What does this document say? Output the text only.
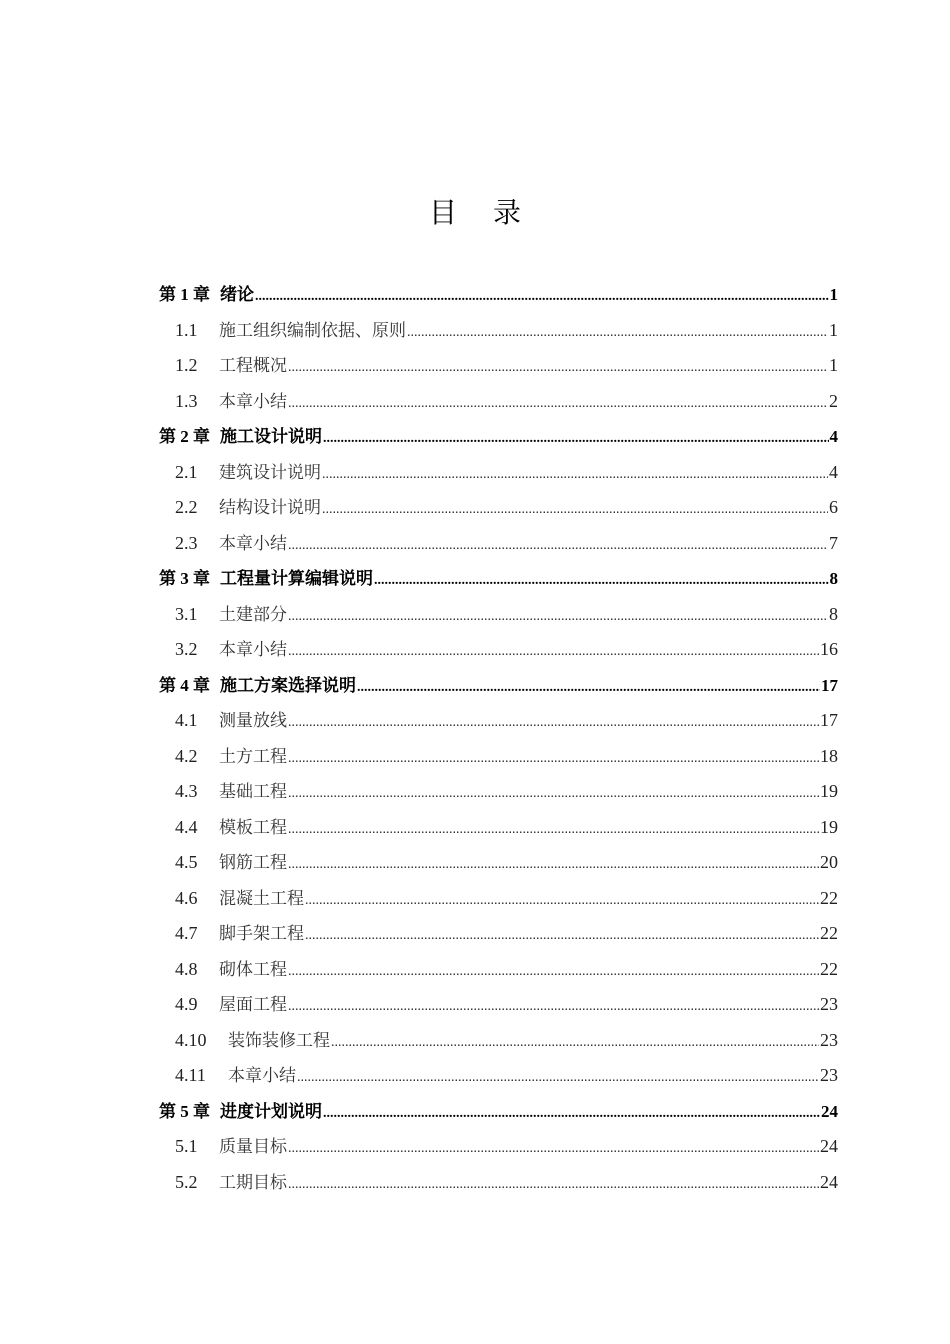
目录
第 1 章 绪论 .....	1
1.1	施工组织编制依据、原则 .....	1
1.2	工程概况 .....	1
1.3	本章小结 .....	2
第 2 章 施工设计说明 .....	4
2.1	建筑设计说明 .....	4
2.2	结构设计说明 .....	6
2.3	本章小结 .....	7
第 3 章 工程量计算编辑说明 .....	8
3.1	土建部分 .....	8
3.2	本章小结 .....	16
第 4 章 施工方案选择说明 .....	17
4.1	测量放线 .....	17
4.2	土方工程 .....	18
4.3	基础工程 .....	19
4.4	模板工程 .....	19
4.5	钢筋工程 .....	20
4.6	混凝土工程 .....	22
4.7	脚手架工程 .....	22
4.8	砌体工程 .....	22
4.9	屋面工程 .....	23
4.10	装饰装修工程 .....	23
4.11	本章小结 .....	23
第 5 章 进度计划说明 .....	24
5.1	质量目标 .....	24
5.2	工期目标 .....	24
